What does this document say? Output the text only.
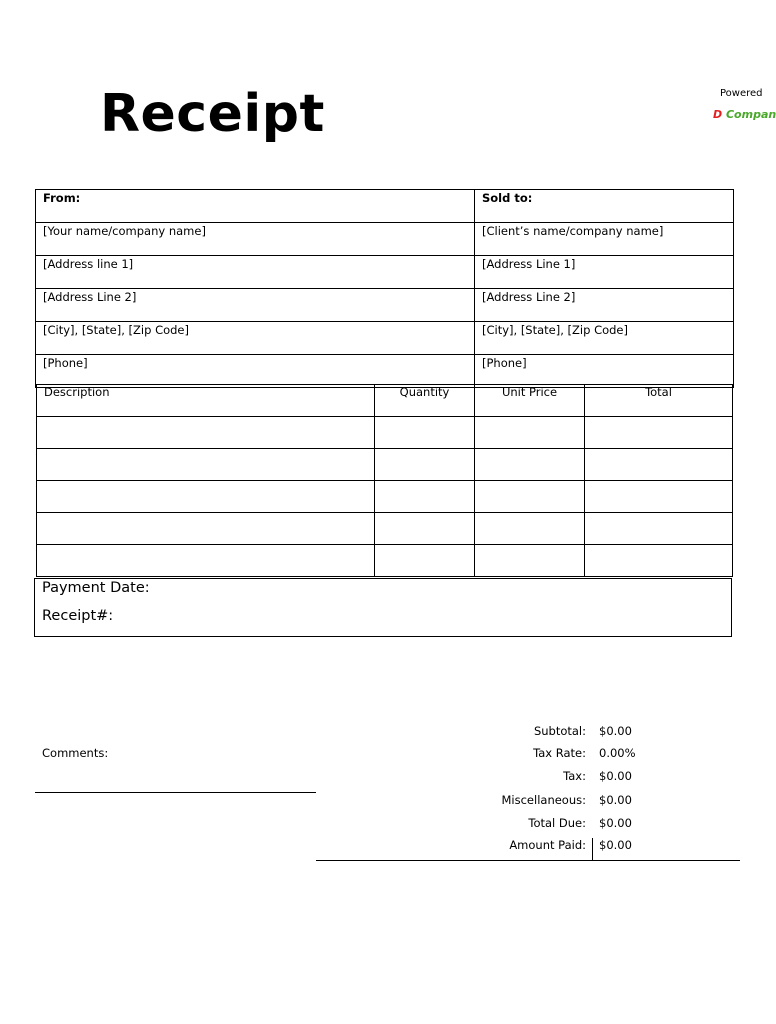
Receipt	Powered
D Compan
From:	Sold to:
[Your name/company name]	[Client’s name/company name]
[Address line 1]	[Address Line 1]
[Address Line 2]	[Address Line 2]
[City], [State], [Zip Code]	[City], [State], [Zip Code]
[Phone]	[Phone]
Description	Quantity	Unit Price	Total

Payment Date:
Receipt#:
Comments:
Subtotal: $0.00
Tax Rate: 0.00%
Tax: $0.00
Miscellaneous: $0.00
Total Due: $0.00
Amount Paid: $0.00
